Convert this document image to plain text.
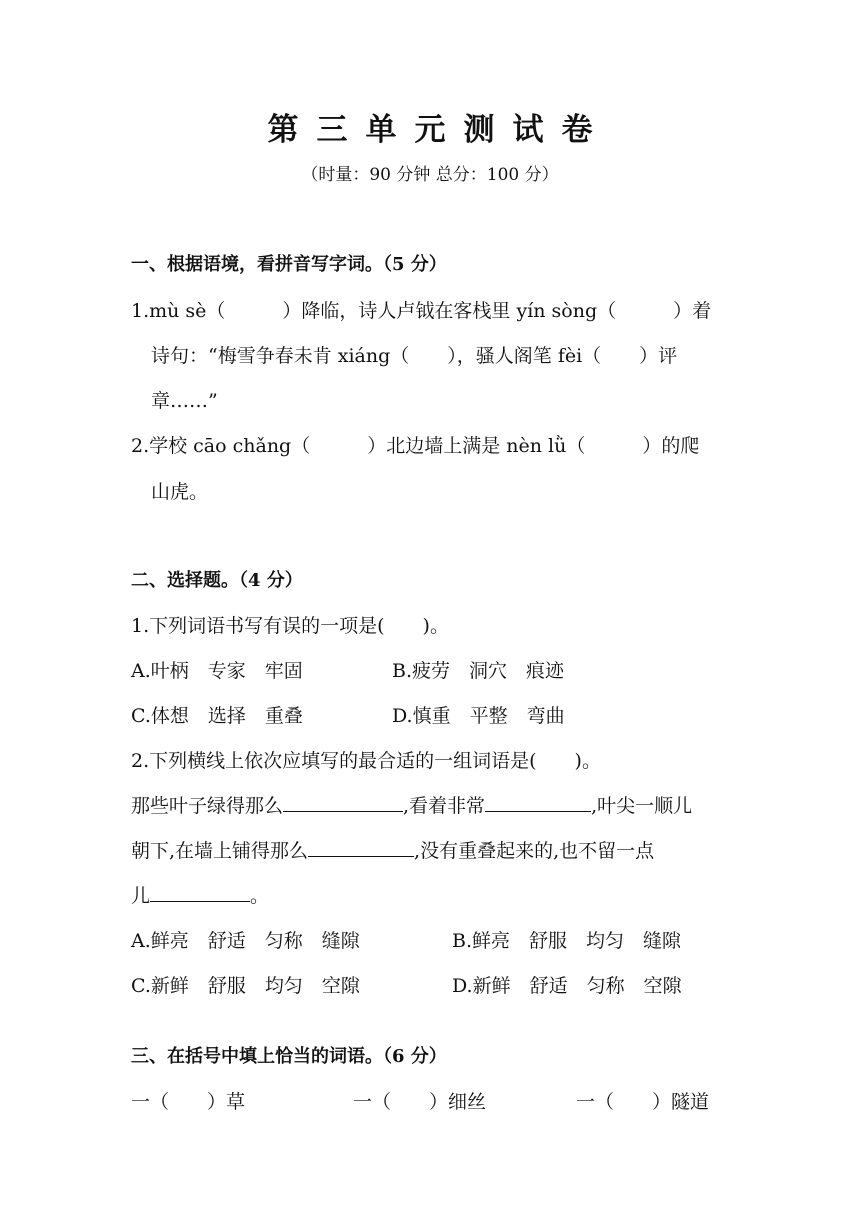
第三单元测试卷
（时量：90 分钟 总分：100 分）
一、根据语境，看拼音写字词。（5 分）
1.mù sè（　　　）降临，诗人卢钺在客栈里 yín sòng（　　　）着
诗句：“梅雪争春未肯 xiáng（　　），骚人阁笔 fèi（　　）评
章……”
2.学校 cāo chǎng（　　　）北边墙上满是 nèn lǜ（　　　）的爬
山虎。
二、选择题。（4 分）
1.下列词语书写有误的一项是(　　)。
A.叶柄　专家　牢固	B.疲劳　洞穴　痕迹
C.体想　选择　重叠	D.慎重　平整　弯曲
2.下列横线上依次应填写的最合适的一组词语是(　　)。
那些叶子绿得那么	,看着非常	,叶尖一顺儿
朝下,在墙上铺得那么	,没有重叠起来的,也不留一点
儿	。
A.鲜亮　舒适　匀称　缝隙	B.鲜亮　舒服　均匀　缝隙
C.新鲜　舒服　均匀　空隙	D.新鲜　舒适　匀称　空隙
三、在括号中填上恰当的词语。（6 分）
一（　　）草	一（　　）细丝	一（　　）隧道
